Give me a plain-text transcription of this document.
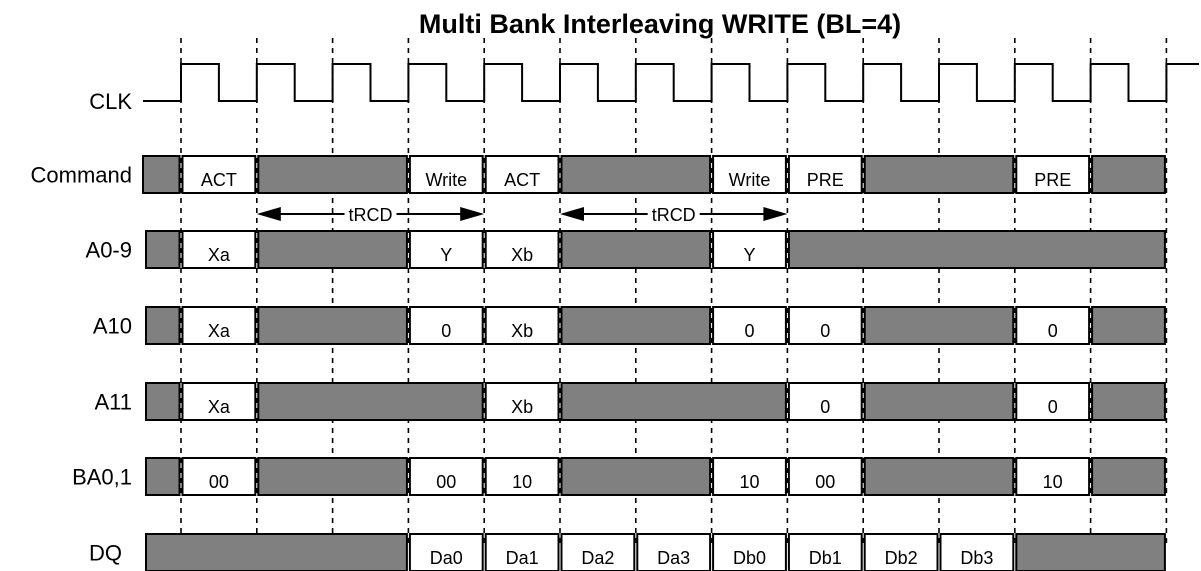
Multi Bank Interleaving WRITE (BL=4)
CLK
Command	ACT	Write ACT	Write PRE	PRE
A0-9	Xa	Y	Xb	Y
A10	Xa	0	Xb	0	0	0
A11	Xa	Xb	0	0
BA0,1	00	00	10	10	00	10
DQ	Da0 Da1 Da2 Da3 Db0 Db1 Db2 Db3
tRCD	tRCD
